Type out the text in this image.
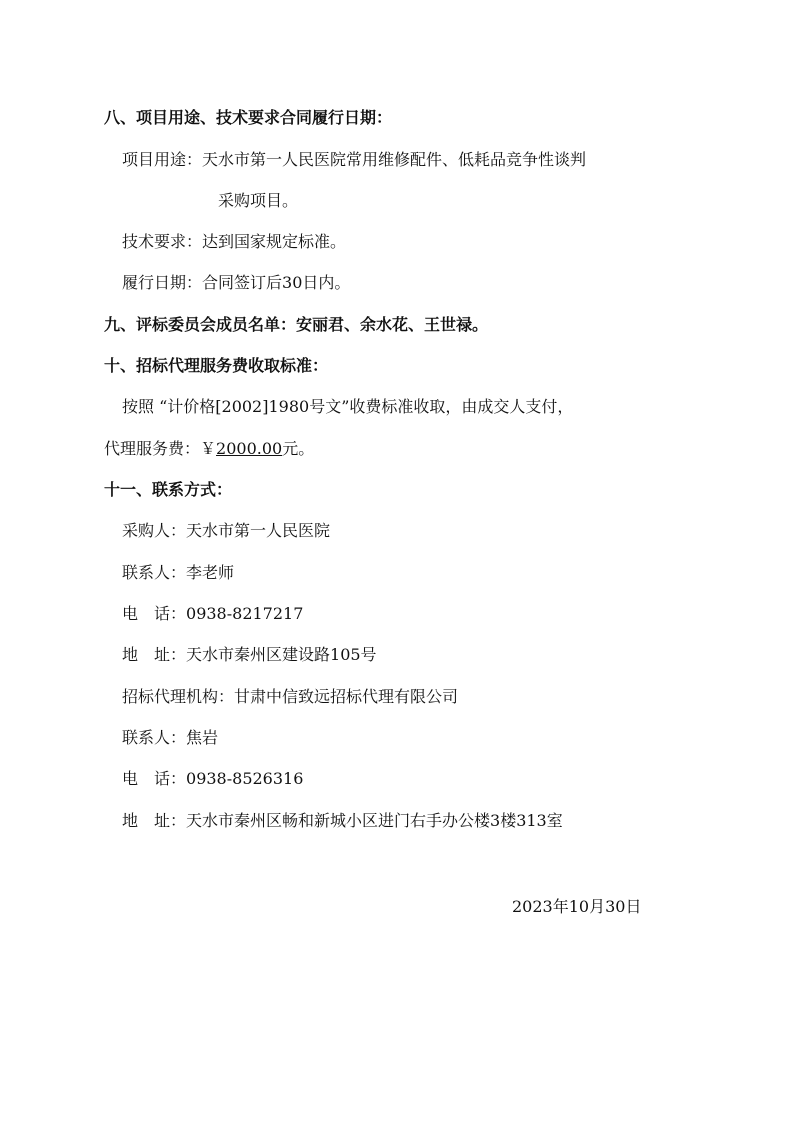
八、项目用途、技术要求合同履行日期：
项目用途：天水市第一人民医院常用维修配件、低耗品竞争性谈判
采购项目。
技术要求：达到国家规定标准。
履行日期：合同签订后30日内。
九、评标委员会成员名单：安丽君、余水花、王世禄。
十、招标代理服务费收取标准：
按照 “计价格[2002]1980号文”收费标准收取，由成交人支付，
代理服务费：￥2000.00元。
十一、联系方式：
采购人：天水市第一人民医院
联系人：李老师
电　话：0938-8217217
地　址：天水市秦州区建设路105号
招标代理机构：甘肃中信致远招标代理有限公司
联系人：焦岩
电　话：0938-8526316
地　址：天水市秦州区畅和新城小区进门右手办公楼3楼313室
2023年10月30日
